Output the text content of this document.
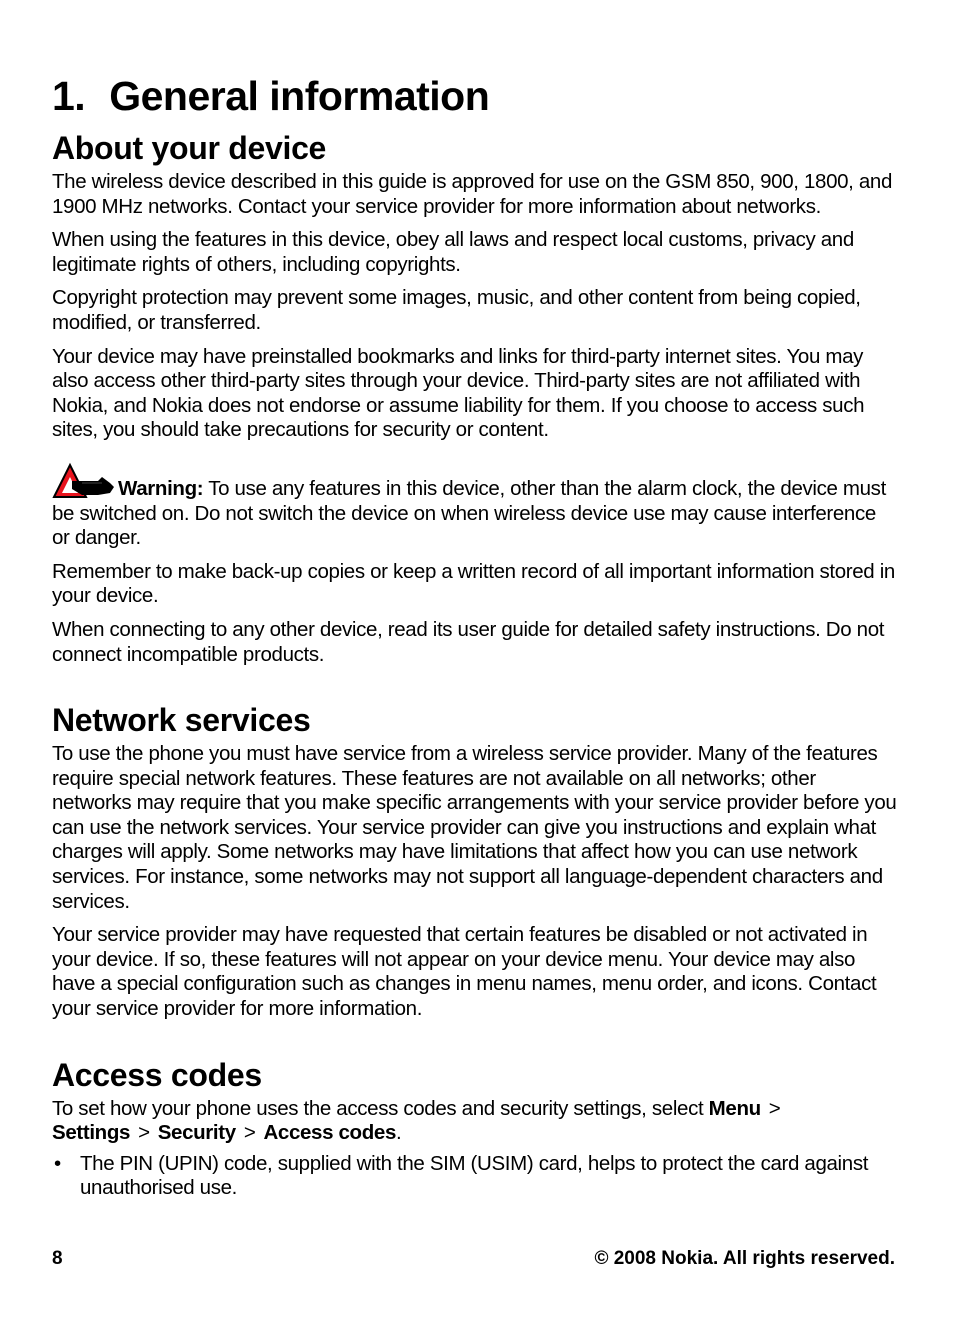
1. General information
About your device

The wireless device described in this guide is approved for use on the GSM 850, 900, 1800, and 1900 MHz networks. Contact your service provider for more information about networks.

When using the features in this device, obey all laws and respect local customs, privacy and legitimate rights of others, including copyrights.

Copyright protection may prevent some images, music, and other content from being copied, modified, or transferred.

Your device may have preinstalled bookmarks and links for third-party internet sites. You may also access other third-party sites through your device. Third-party sites are not affiliated with Nokia, and Nokia does not endorse or assume liability for them. If you choose to access such sites, you should take precautions for security or content.

Warning: To use any features in this device, other than the alarm clock, the device must be switched on. Do not switch the device on when wireless device use may cause interference or danger.

Remember to make back-up copies or keep a written record of all important information stored in your device.

When connecting to any other device, read its user guide for detailed safety instructions. Do not connect incompatible products.

Network services

To use the phone you must have service from a wireless service provider. Many of the features require special network features. These features are not available on all networks; other networks may require that you make specific arrangements with your service provider before you can use the network services. Your service provider can give you instructions and explain what charges will apply. Some networks may have limitations that affect how you can use network services. For instance, some networks may not support all language-dependent characters and services.

Your service provider may have requested that certain features be disabled or not activated in your device. If so, these features will not appear on your device menu. Your device may also have a special configuration such as changes in menu names, menu order, and icons. Contact your service provider for more information.

Access codes

To set how your phone uses the access codes and security settings, select Menu >
Settings > Security > Access codes.

• The PIN (UPIN) code, supplied with the SIM (USIM) card, helps to protect the card against unauthorised use.
8	© 2008 Nokia. All rights reserved.
